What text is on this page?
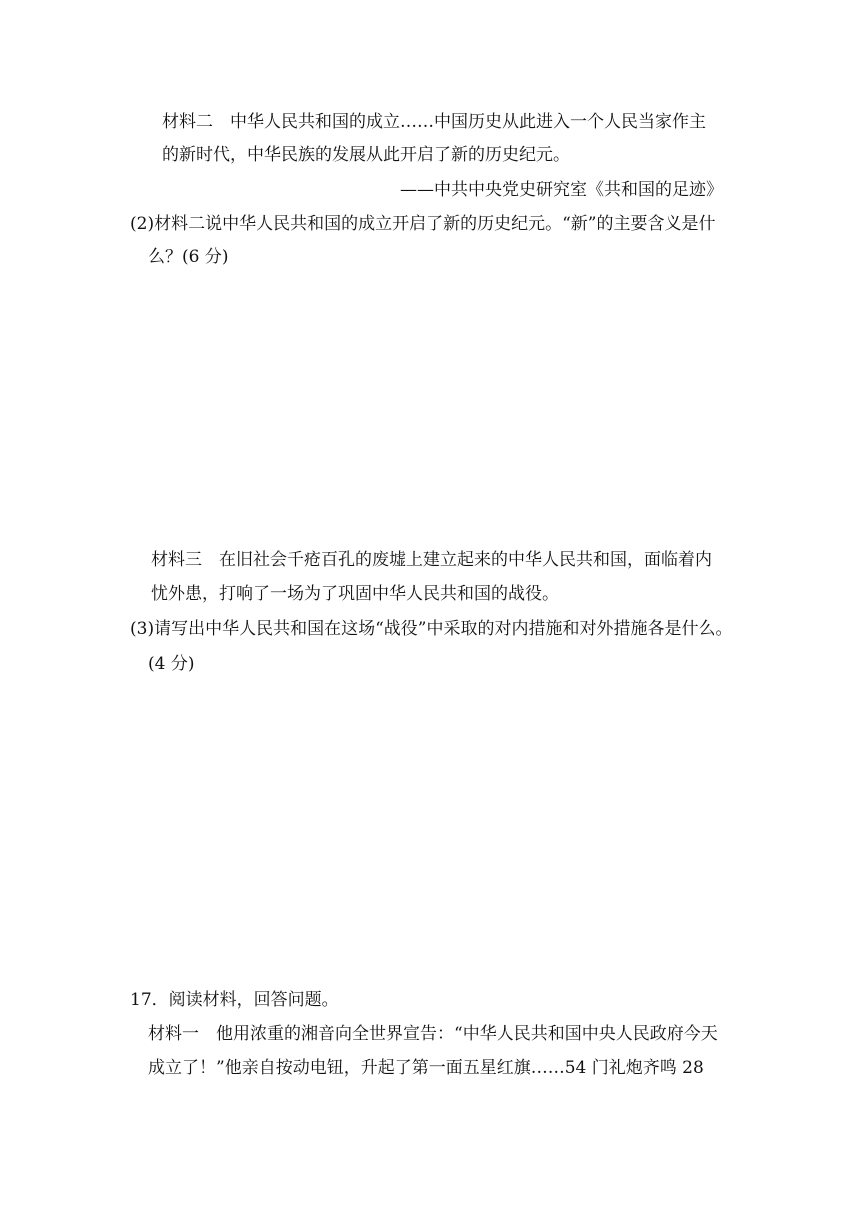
材料二　中华人民共和国的成立……中国历史从此进入一个人民当家作主
的新时代，中华民族的发展从此开启了新的历史纪元。
——中共中央党史研究室《共和国的足迹》
(2)材料二说中华人民共和国的成立开启了新的历史纪元。“新”的主要含义是什
么？(6 分)
材料三　在旧社会千疮百孔的废墟上建立起来的中华人民共和国，面临着内
忧外患，打响了一场为了巩固中华人民共和国的战役。
(3)请写出中华人民共和国在这场“战役”中采取的对内措施和对外措施各是什么。
(4 分)
17．阅读材料，回答问题。
材料一　他用浓重的湘音向全世界宣告：“中华人民共和国中央人民政府今天
成立了！”他亲自按动电钮，升起了第一面五星红旗……54 门礼炮齐鸣 28
